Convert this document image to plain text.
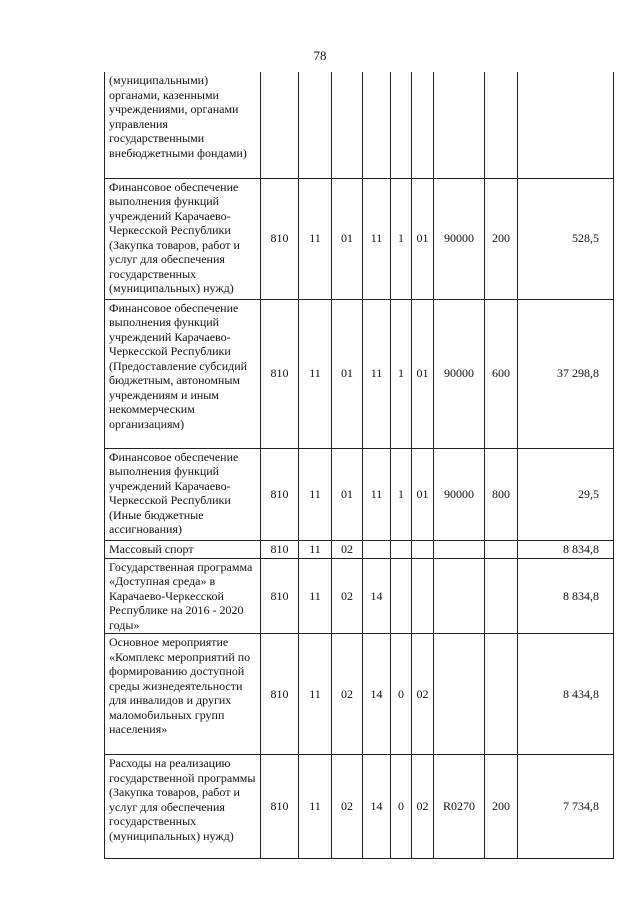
78
(муниципальными) органами, казенными учреждениями, органами управления государственными внебюджетными фондами)									
Финансовое обеспечение выполнения функций учреждений Карачаево-Черкесской Республики (Закупка товаров, работ и услуг для обеспечения государственных (муниципальных) нужд)	810	11	01	11	1	01	90000	200	528,5
Финансовое обеспечение выполнения функций учреждений Карачаево-Черкесской Республики (Предоставление субсидий бюджетным, автономным учреждениям и иным некоммерческим организациям)	810	11	01	11	1	01	90000	600	37 298,8
Финансовое обеспечение выполнения функций учреждений Карачаево-Черкесской Республики (Иные бюджетные ассигнования)	810	11	01	11	1	01	90000	800	29,5
Массовый спорт	810	11	02						8 834,8
Государственная программа «Доступная среда» в Карачаево-Черкесской Республике на 2016 - 2020 годы»	810	11	02	14					8 834,8
Основное мероприятие «Комплекс мероприятий по формированию доступной среды жизнедеятельности для инвалидов и других маломобильных групп населения»	810	11	02	14	0	02			8 434,8
Расходы на реализацию государственной программы (Закупка товаров, работ и услуг для обеспечения государственных (муниципальных) нужд)	810	11	02	14	0	02	R0270	200	7 734,8
